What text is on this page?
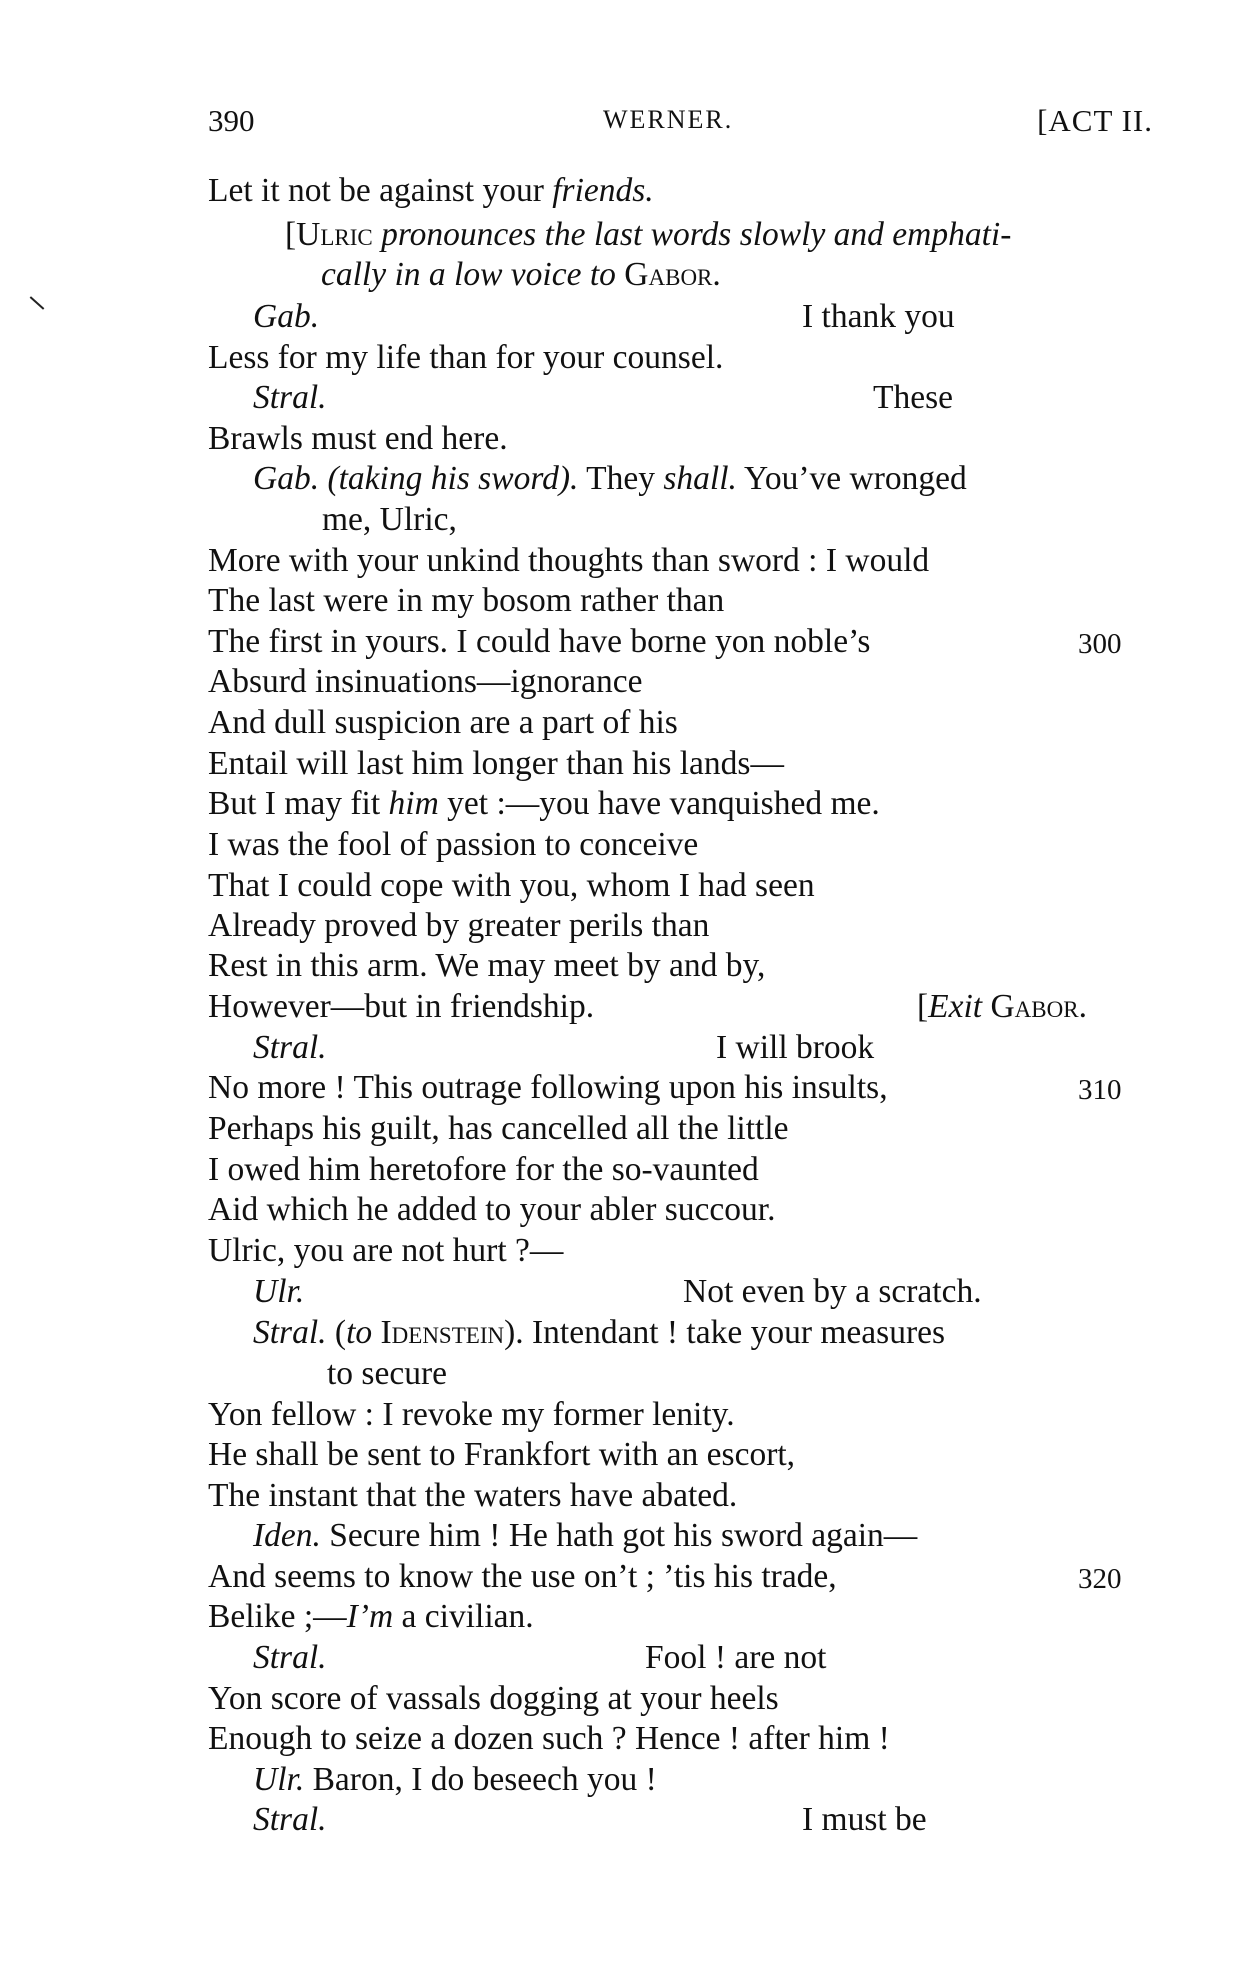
390	WERNER.	[ACT II.
Let it not be against your friends.
[Ulric pronounces the last words slowly and emphati-
cally in a low voice to Gabor.
Gab.	I thank you
Less for my life than for your counsel.
Stral.	These
Brawls must end here.
Gab. (taking his sword). They shall. You’ve wronged
me, Ulric,
More with your unkind thoughts than sword : I would
The last were in my bosom rather than
The first in yours. I could have borne yon noble’s	300
Absurd insinuations—ignorance
And dull suspicion are a part of his
Entail will last him longer than his lands—
But I may fit him yet :—you have vanquished me.
I was the fool of passion to conceive
That I could cope with you, whom I had seen
Already proved by greater perils than
Rest in this arm. We may meet by and by,
However—but in friendship.	[Exit Gabor.
Stral.	I will brook
No more ! This outrage following upon his insults,	310
Perhaps his guilt, has cancelled all the little
I owed him heretofore for the so-vaunted
Aid which he added to your abler succour.
Ulric, you are not hurt ?—
Ulr.	Not even by a scratch.
Stral. (to Idenstein). Intendant ! take your measures
to secure
Yon fellow : I revoke my former lenity.
He shall be sent to Frankfort with an escort,
The instant that the waters have abated.
Iden. Secure him ! He hath got his sword again—
And seems to know the use on’t ; ’tis his trade,	320
Belike ;—I’m a civilian.
Stral.	Fool ! are not
Yon score of vassals dogging at your heels
Enough to seize a dozen such ? Hence ! after him !
Ulr. Baron, I do beseech you !
Stral.	I must be
